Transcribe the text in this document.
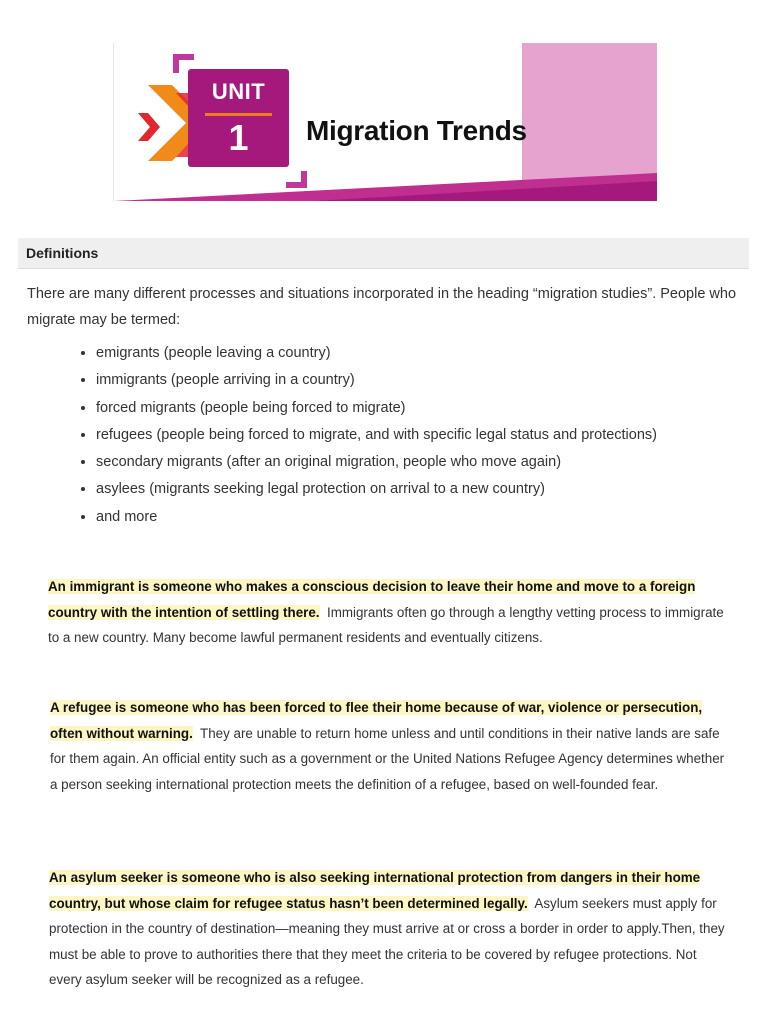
UNIT
1	Migration Trends
Definitions
There are many different processes and situations incorporated in the heading “migration studies”. People who migrate may be termed:
• emigrants (people leaving a country)
• immigrants (people arriving in a country)
• forced migrants (people being forced to migrate)
• refugees (people being forced to migrate, and with specific legal status and protections)
• secondary migrants (after an original migration, people who move again)
• asylees (migrants seeking legal protection on arrival to a new country)
• and more
An immigrant is someone who makes a conscious decision to leave their home and move to a foreign country with the intention of settling there. Immigrants often go through a lengthy vetting process to immigrate to a new country. Many become lawful permanent residents and eventually citizens.
A refugee is someone who has been forced to flee their home because of war, violence or persecution, often without warning. They are unable to return home unless and until conditions in their native lands are safe for them again. An official entity such as a government or the United Nations Refugee Agency determines whether a person seeking international protection meets the definition of a refugee, based on well-founded fear.
An asylum seeker is someone who is also seeking international protection from dangers in their home country, but whose claim for refugee status hasn’t been determined legally. Asylum seekers must apply for protection in the country of destination—meaning they must arrive at or cross a border in order to apply.Then, they must be able to prove to authorities there that they meet the criteria to be covered by refugee protections. Not every asylum seeker will be recognized as a refugee.
